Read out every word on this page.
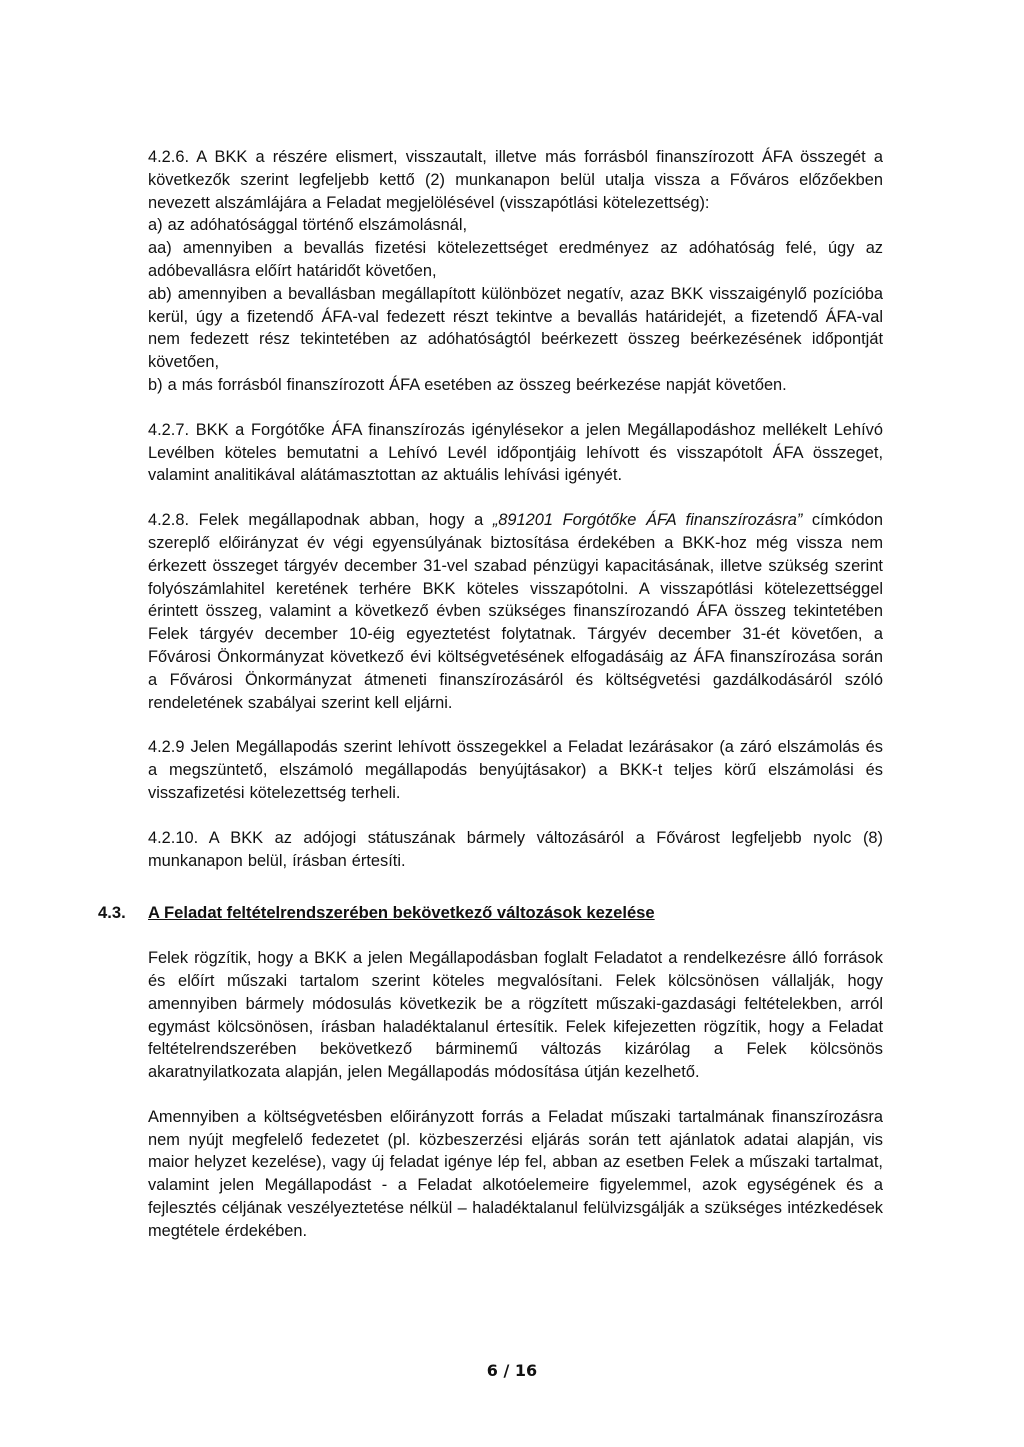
4.2.6. A BKK a részére elismert, visszautalt, illetve más forrásból finanszírozott ÁFA összegét a következők szerint legfeljebb kettő (2) munkanapon belül utalja vissza a Főváros előzőekben nevezett alszámlájára a Feladat megjelölésével (visszapótlási kötelezettség):

a) az adóhatósággal történő elszámolásnál,

aa) amennyiben a bevallás fizetési kötelezettséget eredményez az adóhatóság felé, úgy az adóbevallásra előírt határidőt követően,

ab) amennyiben a bevallásban megállapított különbözet negatív, azaz BKK visszaigénylő pozícióba kerül, úgy a fizetendő ÁFA-val fedezett részt tekintve a bevallás határidejét, a fizetendő ÁFA-val nem fedezett rész tekintetében az adóhatóságtól beérkezett összeg beérkezésének időpontját követően,

b) a más forrásból finanszírozott ÁFA esetében az összeg beérkezése napját követően.

4.2.7. BKK a Forgótőke ÁFA finanszírozás igénylésekor a jelen Megállapodáshoz mellékelt Lehívó Levélben köteles bemutatni a Lehívó Levél időpontjáig lehívott és visszapótolt ÁFA összeget, valamint analitikával alátámasztottan az aktuális lehívási igényét.

4.2.8. Felek megállapodnak abban, hogy a „891201 Forgótőke ÁFA finanszírozásra” címkódon szereplő előirányzat év végi egyensúlyának biztosítása érdekében a BKK-hoz még vissza nem érkezett összeget tárgyév december 31-vel szabad pénzügyi kapacitásának, illetve szükség szerint folyószámlahitel keretének terhére BKK köteles visszapótolni. A visszapótlási kötelezettséggel érintett összeg, valamint a következő évben szükséges finanszírozandó ÁFA összeg tekintetében Felek tárgyév december 10-éig egyeztetést folytatnak. Tárgyév december 31-ét követően, a Fővárosi Önkormányzat következő évi költségvetésének elfogadásáig az ÁFA finanszírozása során a Fővárosi Önkormányzat átmeneti finanszírozásáról és költségvetési gazdálkodásáról szóló rendeletének szabályai szerint kell eljárni.

4.2.9 Jelen Megállapodás szerint lehívott összegekkel a Feladat lezárásakor (a záró elszámolás és a megszüntető, elszámoló megállapodás benyújtásakor) a BKK-t teljes körű elszámolási és visszafizetési kötelezettség terheli.

4.2.10. A BKK az adójogi státuszának bármely változásáról a Fővárost legfeljebb nyolc (8) munkanapon belül, írásban értesíti.

4.3. A Feladat feltételrendszerében bekövetkező változások kezelése

Felek rögzítik, hogy a BKK a jelen Megállapodásban foglalt Feladatot a rendelkezésre álló források és előírt műszaki tartalom szerint köteles megvalósítani. Felek kölcsönösen vállalják, hogy amennyiben bármely módosulás következik be a rögzített műszaki-gazdasági feltételekben, arról egymást kölcsönösen, írásban haladéktalanul értesítik. Felek kifejezetten rögzítik, hogy a Feladat feltételrendszerében bekövetkező bárminemű változás kizárólag a Felek kölcsönös akaratnyilatkozata alapján, jelen Megállapodás módosítása útján kezelhető.

Amennyiben a költségvetésben előirányzott forrás a Feladat műszaki tartalmának finanszírozásra nem nyújt megfelelő fedezetet (pl. közbeszerzési eljárás során tett ajánlatok adatai alapján, vis maior helyzet kezelése), vagy új feladat igénye lép fel, abban az esetben Felek a műszaki tartalmat, valamint jelen Megállapodást - a Feladat alkotóelemeire figyelemmel, azok egységének és a fejlesztés céljának veszélyeztetése nélkül – haladéktalanul felülvizsgálják a szükséges intézkedések megtétele érdekében.

6 / 16
